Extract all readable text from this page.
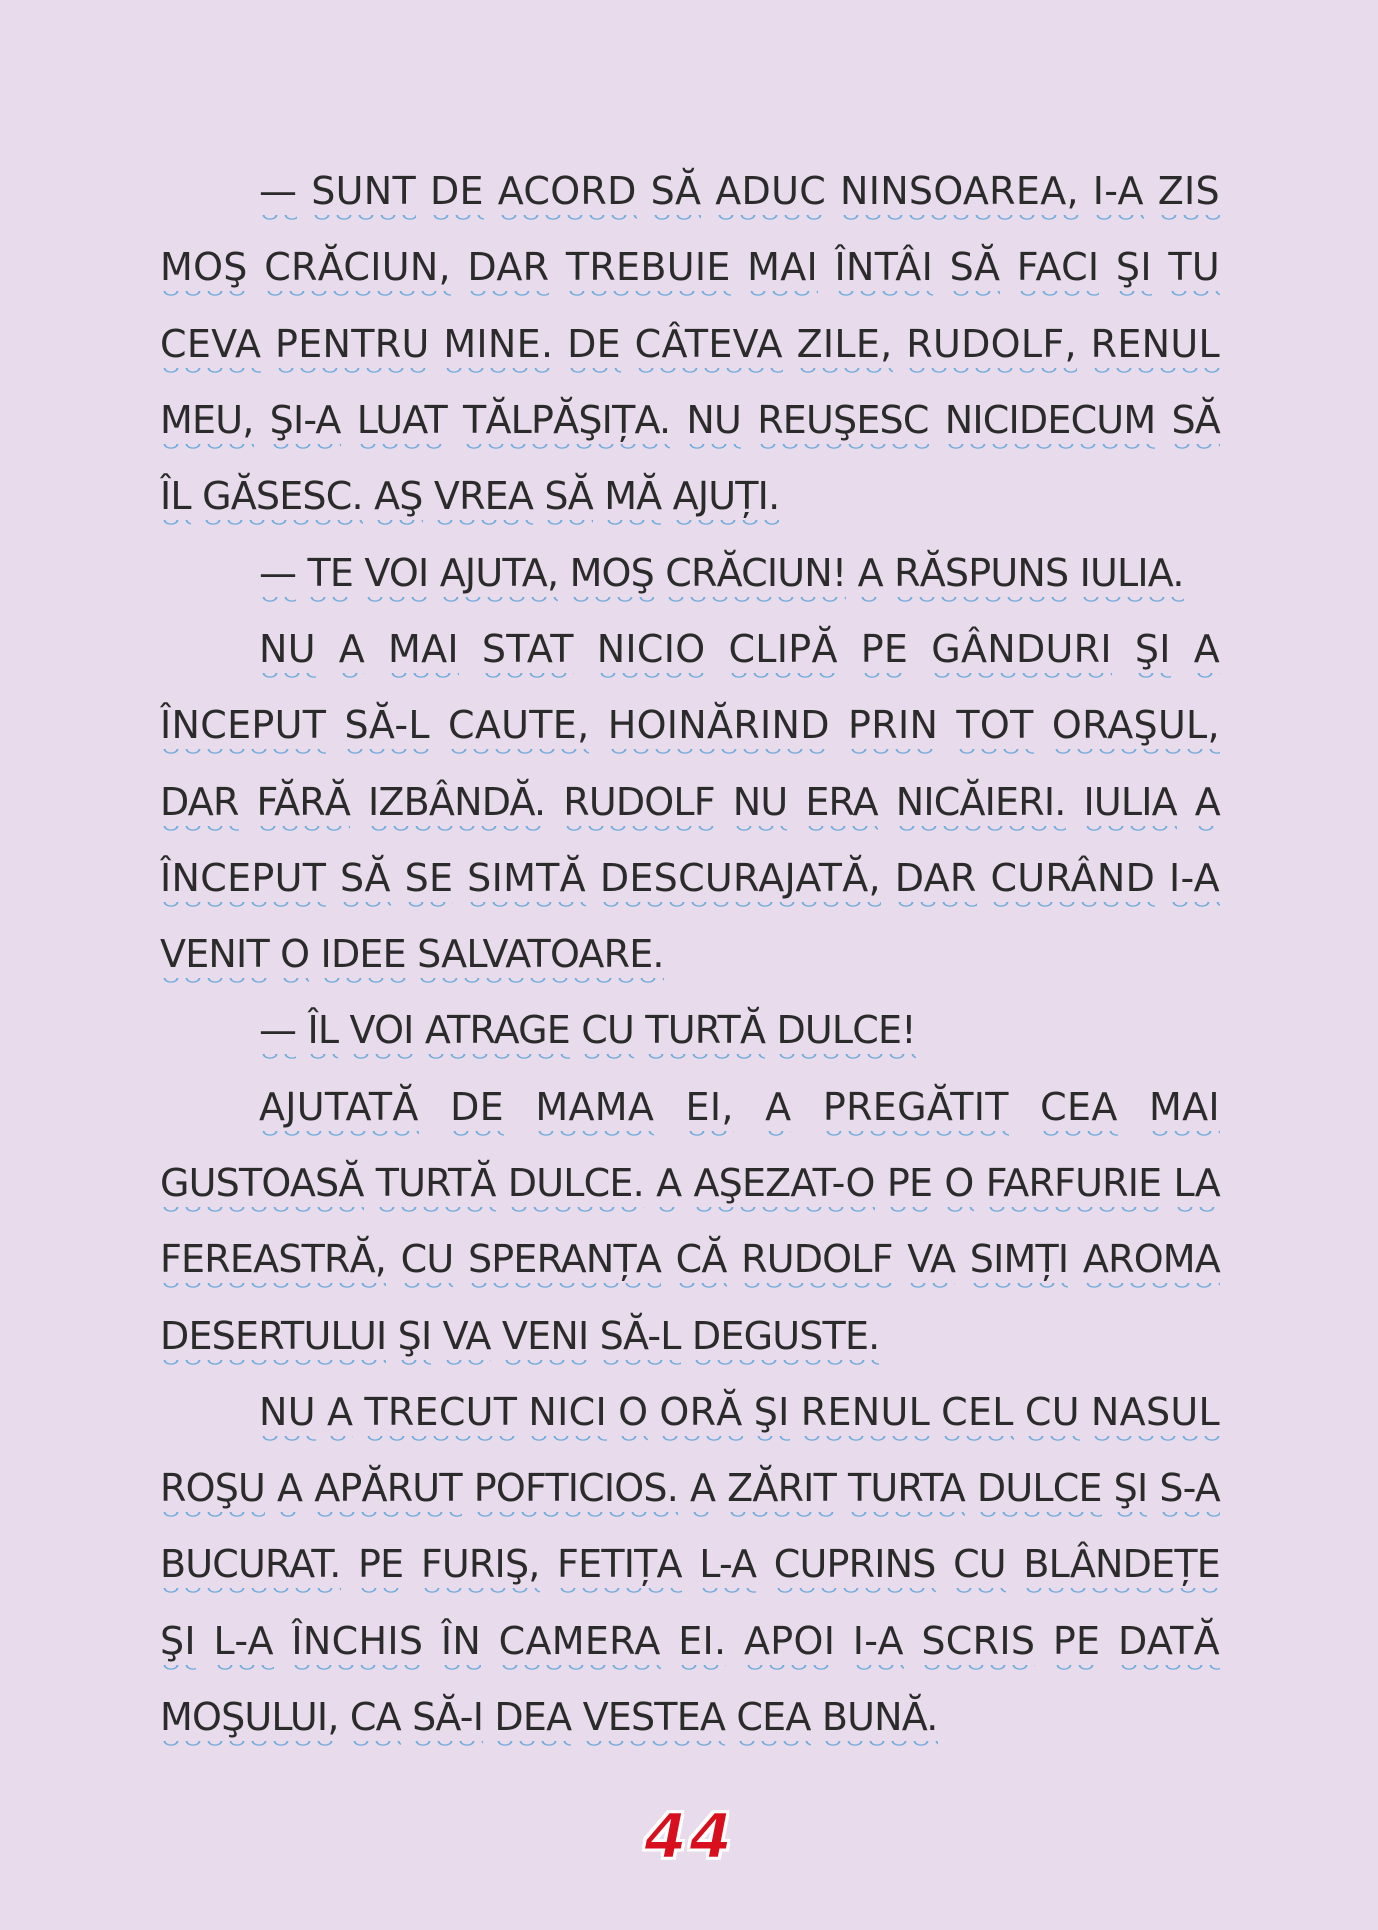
— SUNT DE ACORD SĂ ADUC NINSOAREA, I-A ZIS
MOŞ CRĂCIUN, DAR TREBUIE MAI ÎNTÂI SĂ FACI ŞI TU
CEVA PENTRU MINE. DE CÂTEVA ZILE, RUDOLF, RENUL
MEU, ŞI-A LUAT TĂLPĂŞIȚA. NU REUŞESC NICIDECUM SĂ
ÎL
GĂSESC.
AŞ
VREA
SĂ
MĂ
AJUȚI.
—
TE
VOI
AJUTA,
MOŞ
CRĂCIUN!
A
RĂSPUNS
IULIA.
NU A MAI STAT NICIO CLIPĂ PE GÂNDURI ŞI A
ÎNCEPUT SĂ-L CAUTE, HOINĂRIND PRIN TOT ORAŞUL,
DAR FĂRĂ IZBÂNDĂ. RUDOLF NU ERA NICĂIERI. IULIA A
ÎNCEPUT SĂ SE SIMTĂ DESCURAJATĂ, DAR CURÂND I-A
VENIT
O
IDEE
SALVATOARE.
—
ÎL
VOI
ATRAGE
CU
TURTĂ
DULCE!
AJUTATĂ DE MAMA EI, A PREGĂTIT CEA MAI
GUSTOASĂ TURTĂ DULCE. A AŞEZAT-O PE O FARFURIE LA
FEREASTRĂ, CU SPERANȚA CĂ RUDOLF VA SIMȚI AROMA
DESERTULUI
ŞI
VA
VENI
SĂ-L
DEGUSTE.
NU A TRECUT NICI O ORĂ ŞI RENUL CEL CU NASUL
ROŞU A APĂRUT POFTICIOS. A ZĂRIT TURTA DULCE ŞI S-A
BUCURAT. PE FURIŞ, FETIȚA L-A CUPRINS CU BLÂNDEȚE
ŞI L-A ÎNCHIS ÎN CAMERA EI. APOI I-A SCRIS PE DATĂ
MOŞULUI,
CA
SĂ-I
DEA
VESTEA
CEA
BUNĂ.
44
